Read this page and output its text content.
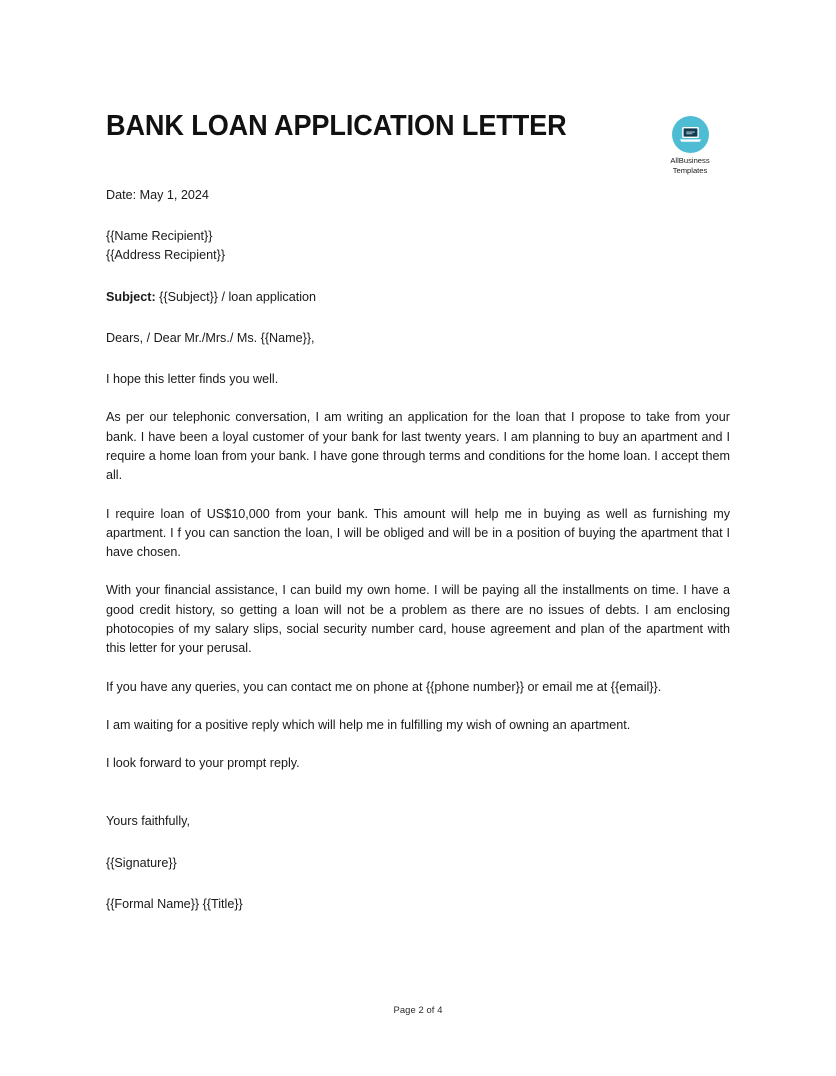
BANK LOAN APPLICATION LETTER
AllBusiness
Templates
Date: May 1, 2024
{{Name Recipient}}
{{Address Recipient}}
Subject: {{Subject}} / loan application
Dears, / Dear Mr./Mrs./ Ms. {{Name}},

I hope this letter finds you well.

As per our telephonic conversation, I am writing an application for the loan that I propose to take from your bank. I have been a loyal customer of your bank for last twenty years. I am planning to buy an apartment and I require a home loan from your bank. I have gone through terms and conditions for the home loan. I accept them all.

I require loan of US$10,000 from your bank. This amount will help me in buying as well as furnishing my apartment. I f you can sanction the loan, I will be obliged and will be in a position of buying the apartment that I have chosen.

With your financial assistance, I can build my own home. I will be paying all the installments on time. I have a good credit history, so getting a loan will not be a problem as there are no issues of debts. I am enclosing photocopies of my salary slips, social security number card, house agreement and plan of the apartment with this letter for your perusal.

If you have any queries, you can contact me on phone at {{phone number}} or email me at {{email}}.

I am waiting for a positive reply which will help me in fulfilling my wish of owning an apartment.

I look forward to your prompt reply.

Yours faithfully,
{{Signature}}
{{Formal Name}} {{Title}}
Page 2 of 4
